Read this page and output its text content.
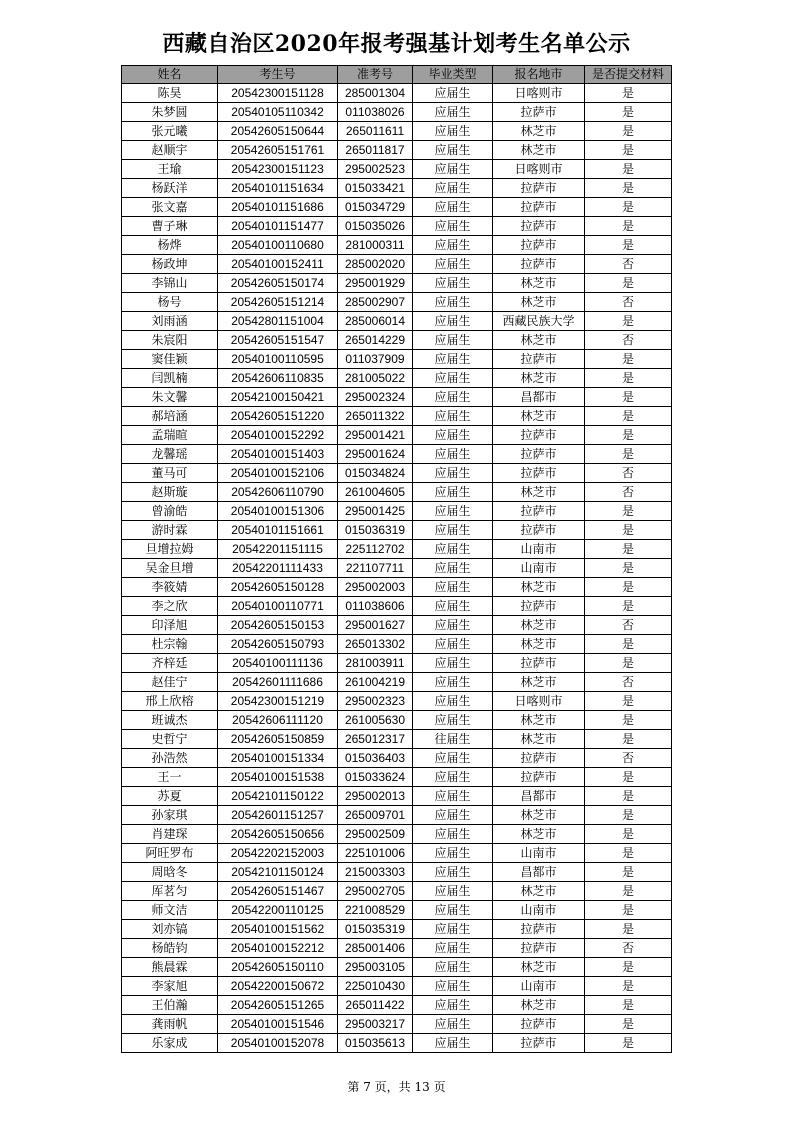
西藏自治区2020年报考强基计划考生名单公示
姓名	考生号	准考号	毕业类型	报名地市	是否提交材料
陈昊	20542300151128	285001304	应届生	日喀则市	是
朱梦圆	20540105110342	011038026	应届生	拉萨市	是
张元曦	20542605150644	265011611	应届生	林芝市	是
赵顺宇	20542605151761	265011817	应届生	林芝市	是
王瑜	20542300151123	295002523	应届生	日喀则市	是
杨跃洋	20540101151634	015033421	应届生	拉萨市	是
张文嘉	20540101151686	015034729	应届生	拉萨市	是
曹子琳	20540101151477	015035026	应届生	拉萨市	是
杨烨	20540100110680	281000311	应届生	拉萨市	是
杨政坤	20540100152411	285002020	应届生	拉萨市	否
李锦山	20542605150174	295001929	应届生	林芝市	是
杨号	20542605151214	285002907	应届生	林芝市	否
刘雨涵	20542801151004	285006014	应届生	西藏民族大学	是
朱宸阳	20542605151547	265014229	应届生	林芝市	否
窦佳颖	20540100110595	011037909	应届生	拉萨市	是
闫凯楠	20542606110835	281005022	应届生	林芝市	是
朱文馨	20542100150421	295002324	应届生	昌都市	是
郝培涵	20542605151220	265011322	应届生	林芝市	是
孟瑞暄	20540100152292	295001421	应届生	拉萨市	是
龙馨瑶	20540100151403	295001624	应届生	拉萨市	是
董马可	20540100152106	015034824	应届生	拉萨市	否
赵斯璇	20542606110790	261004605	应届生	林芝市	否
曾渝皓	20540100151306	295001425	应届生	拉萨市	是
游时霖	20540101151661	015036319	应届生	拉萨市	是
旦增拉姆	20542201151115	225112702	应届生	山南市	是
吴金旦增	20542201111433	221107711	应届生	山南市	是
李筱婧	20542605150128	295002003	应届生	林芝市	是
李之欣	20540100110771	011038606	应届生	拉萨市	是
印泽旭	20542605150153	295001627	应届生	林芝市	否
杜宗翰	20542605150793	265013302	应届生	林芝市	是
齐梓廷	20540100111136	281003911	应届生	拉萨市	是
赵佳宁	20542601111686	261004219	应届生	林芝市	否
邢上欣榕	20542300151219	295002323	应届生	日喀则市	是
班诚杰	20542606111120	261005630	应届生	林芝市	是
史哲宁	20542605150859	265012317	往届生	林芝市	是
孙浩然	20540100151334	015036403	应届生	拉萨市	否
王一	20540100151538	015033624	应届生	拉萨市	是
苏夏	20542101150122	295002013	应届生	昌都市	是
孙家琪	20542601151257	265009701	应届生	林芝市	是
肖建琛	20542605150656	295002509	应届生	林芝市	是
阿旺罗布	20542202152003	225101006	应届生	山南市	是
周晗冬	20542101150124	215003303	应届生	昌都市	是
厍茗匀	20542605151467	295002705	应届生	林芝市	是
师文洁	20542200110125	221008529	应届生	山南市	是
刘亦镐	20540100151562	015035319	应届生	拉萨市	是
杨皓钧	20540100152212	285001406	应届生	拉萨市	否
熊晨霖	20542605150110	295003105	应届生	林芝市	是
李家旭	20542200150672	225010430	应届生	山南市	是
王伯瀚	20542605151265	265011422	应届生	林芝市	是
龚雨帆	20540100151546	295003217	应届生	拉萨市	是
乐家成	20540100152078	015035613	应届生	拉萨市	是
第 7 页，共 13 页
